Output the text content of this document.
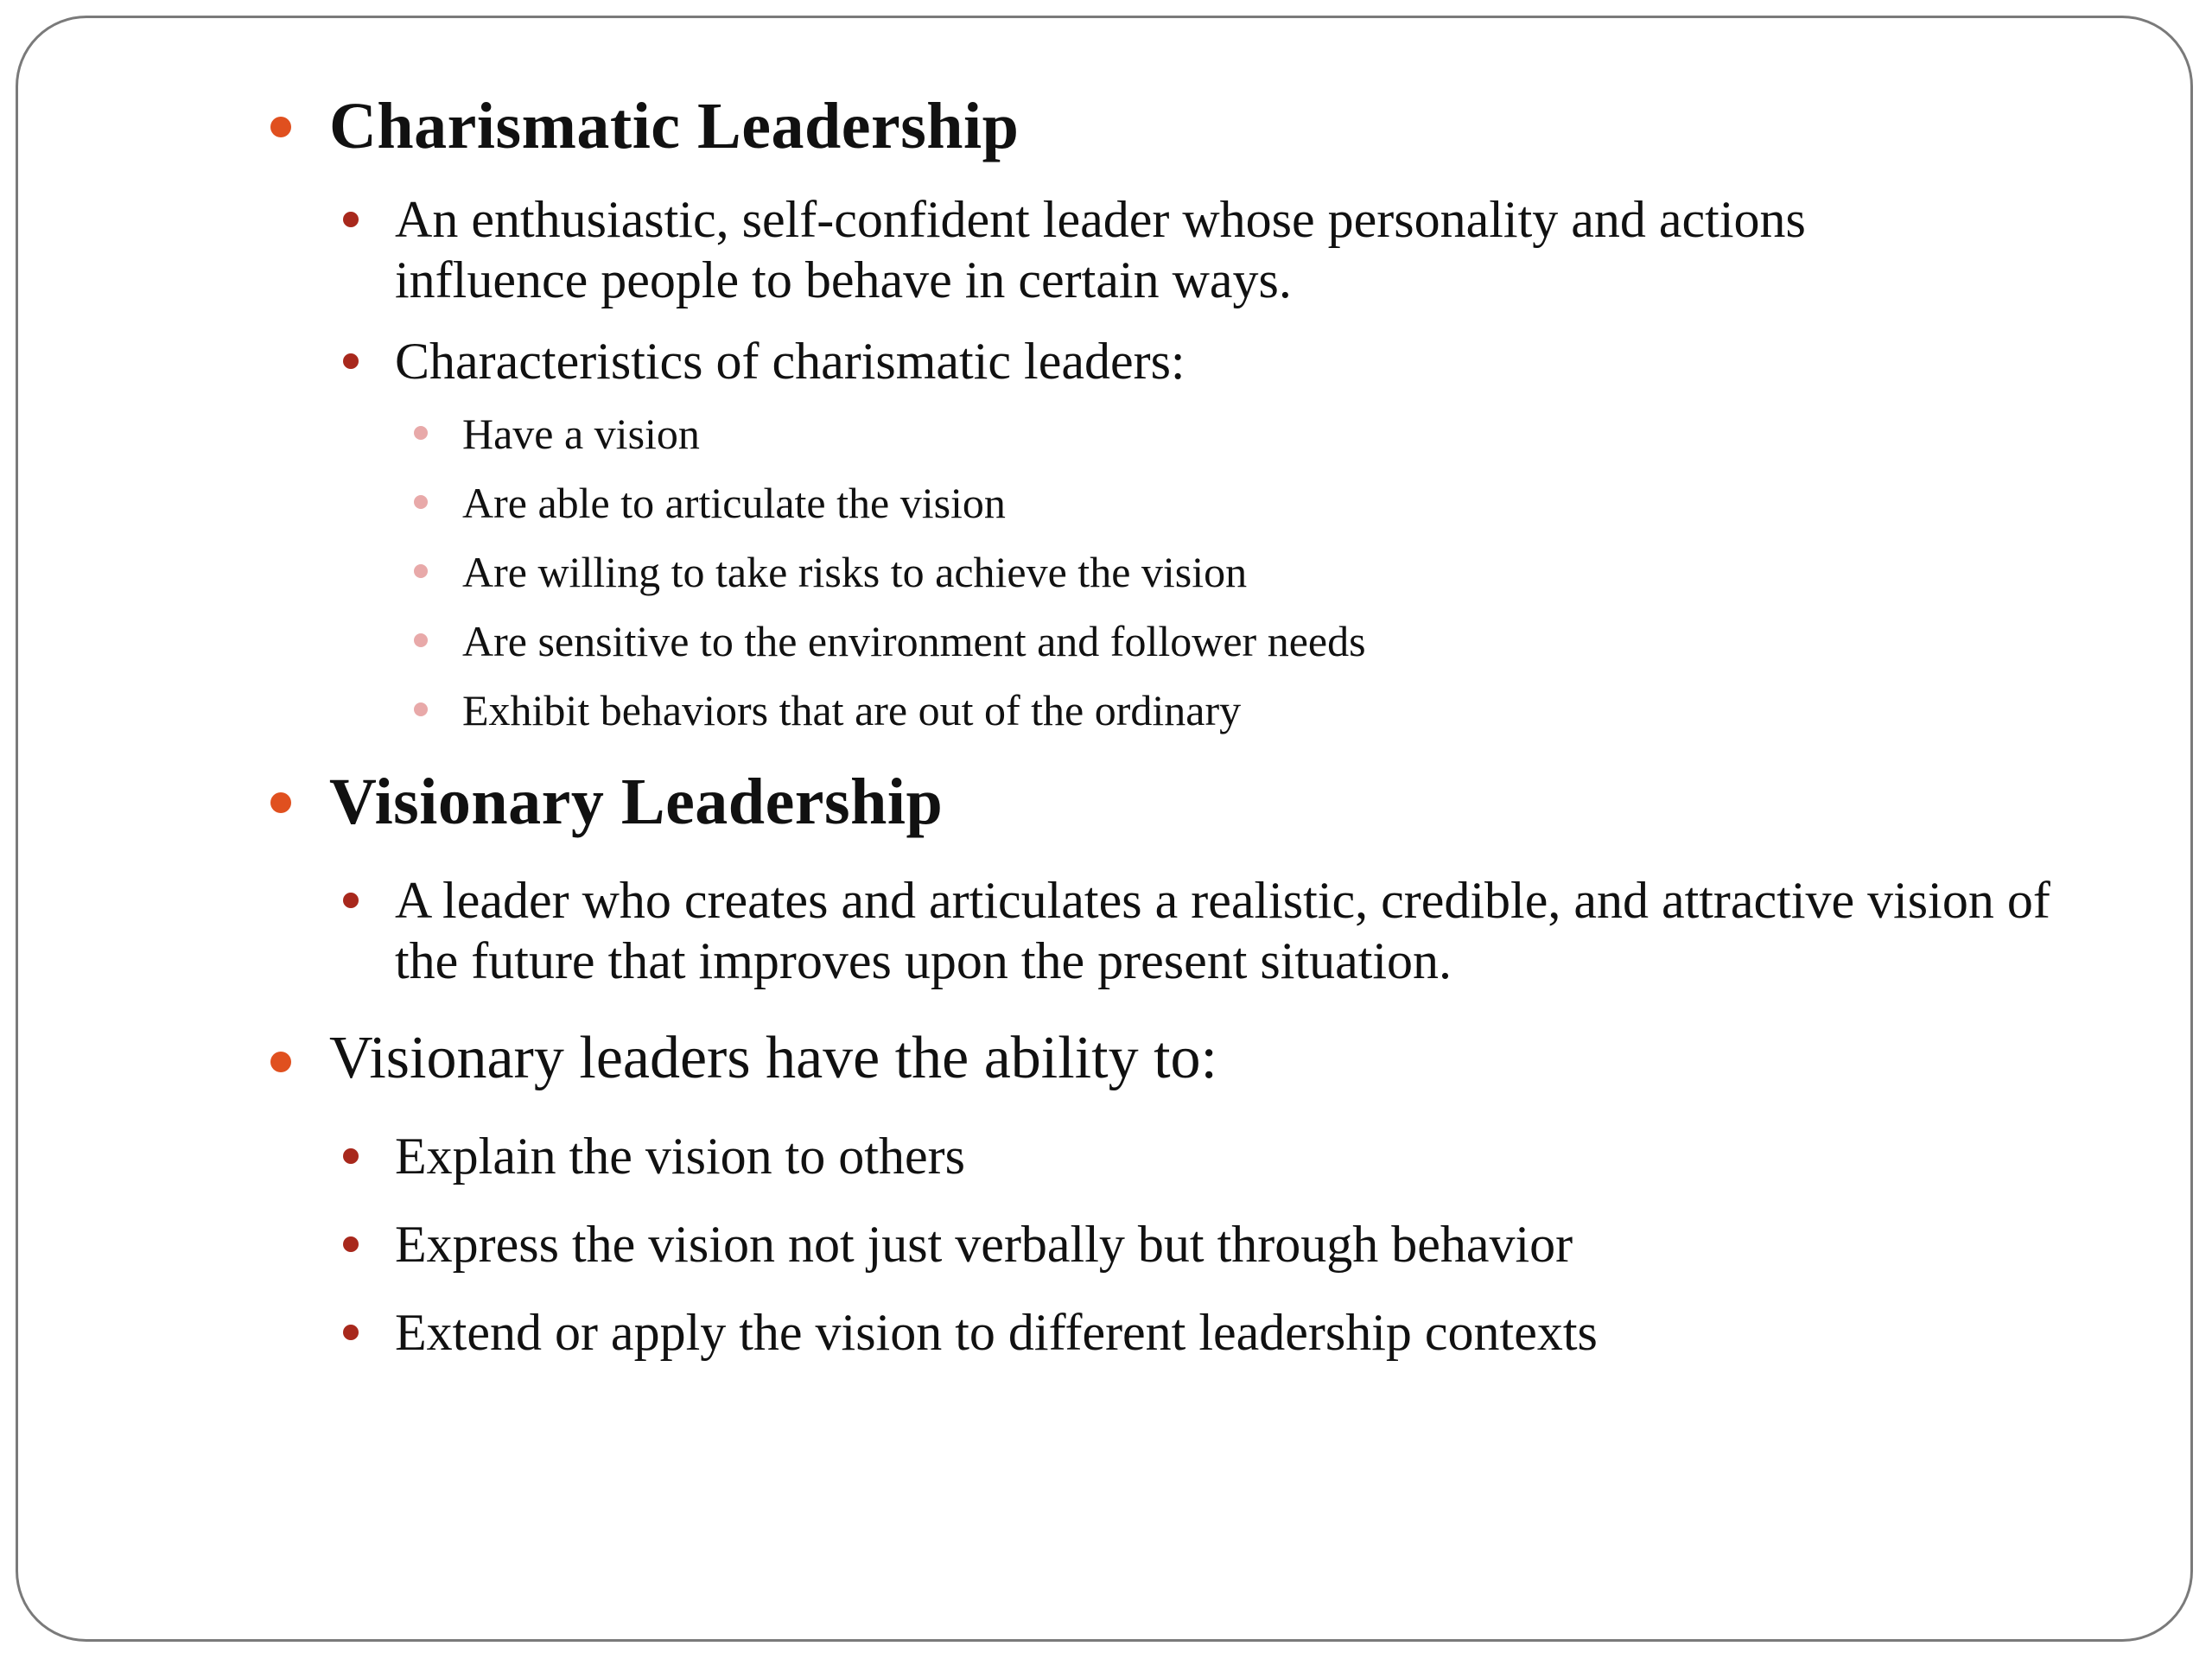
Charismatic Leadership
An enthusiastic, self-confident leader whose personality and actions influence people to behave in certain ways.
Characteristics of charismatic leaders:
Have a vision
Are able to articulate the vision
Are willing to take risks to achieve the vision
Are sensitive to the environment and follower needs
Exhibit behaviors that are out of the ordinary
Visionary Leadership
A leader who creates and articulates a realistic, credible, and attractive vision of the future that improves upon the present situation.
Visionary leaders have the ability to:
Explain the vision to others
Express the vision not just verbally but through behavior
Extend or apply the vision to different leadership contexts
